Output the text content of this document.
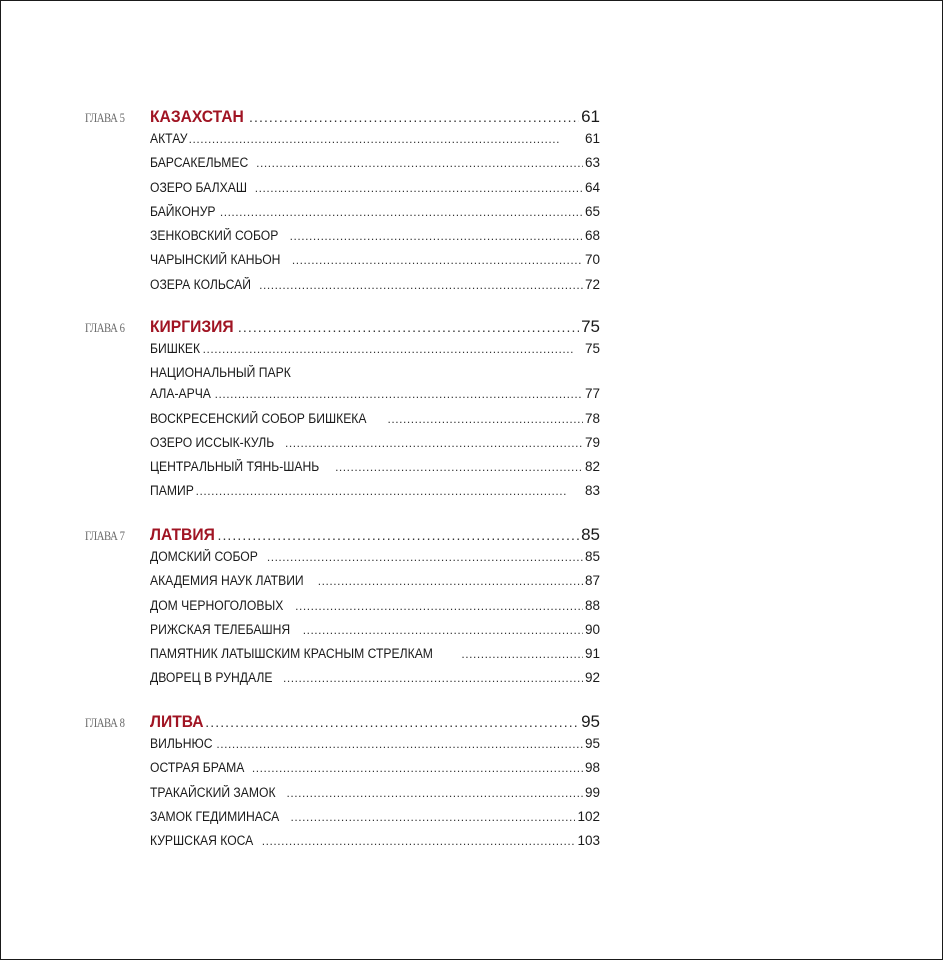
ГЛАВА 5 КАЗАХСТАН . . .	61
АКТАУ . . .	61
БАРСАКЕЛЬМЕС . . .	63
ОЗЕРО БАЛХАШ . . .	64
БАЙКОНУР . . .	65
ЗЕНКОВСКИЙ СОБОР . . .	68
ЧАРЫНСКИЙ КАНЬОН . . .	70
ОЗЕРА КОЛЬСАЙ . . .	72
ГЛАВА 6 КИРГИЗИЯ . . .	75
БИШКЕК . . .	75
НАЦИОНАЛЬНЫЙ ПАРК
АЛА-АРЧА . . .	77
ВОСКРЕСЕНСКИЙ СОБОР БИШКЕКА . . .	78
ОЗЕРО ИССЫК-КУЛЬ . . .	79
ЦЕНТРАЛЬНЫЙ ТЯНЬ-ШАНЬ . . .	82
ПАМИР . . .	83
ГЛАВА 7 ЛАТВИЯ . . .	85
ДОМСКИЙ СОБОР . . .	85
АКАДЕМИЯ НАУК ЛАТВИИ . . .	87
ДОМ ЧЕРНОГОЛОВЫХ . . .	88
РИЖСКАЯ ТЕЛЕБАШНЯ . . .	90
ПАМЯТНИК ЛАТЫШСКИМ КРАСНЫМ СТРЕЛКАМ . . .	91
ДВОРЕЦ В РУНДАЛЕ . . .	92
ГЛАВА 8 ЛИТВА . . .	95
ВИЛЬНЮС . . .	95
ОСТРАЯ БРАМА . . .	98
ТРАКАЙСКИЙ ЗАМОК . . .	99
ЗАМОК ГЕДИМИНАСА . . .	102
КУРШСКАЯ КОСА . . .	103
